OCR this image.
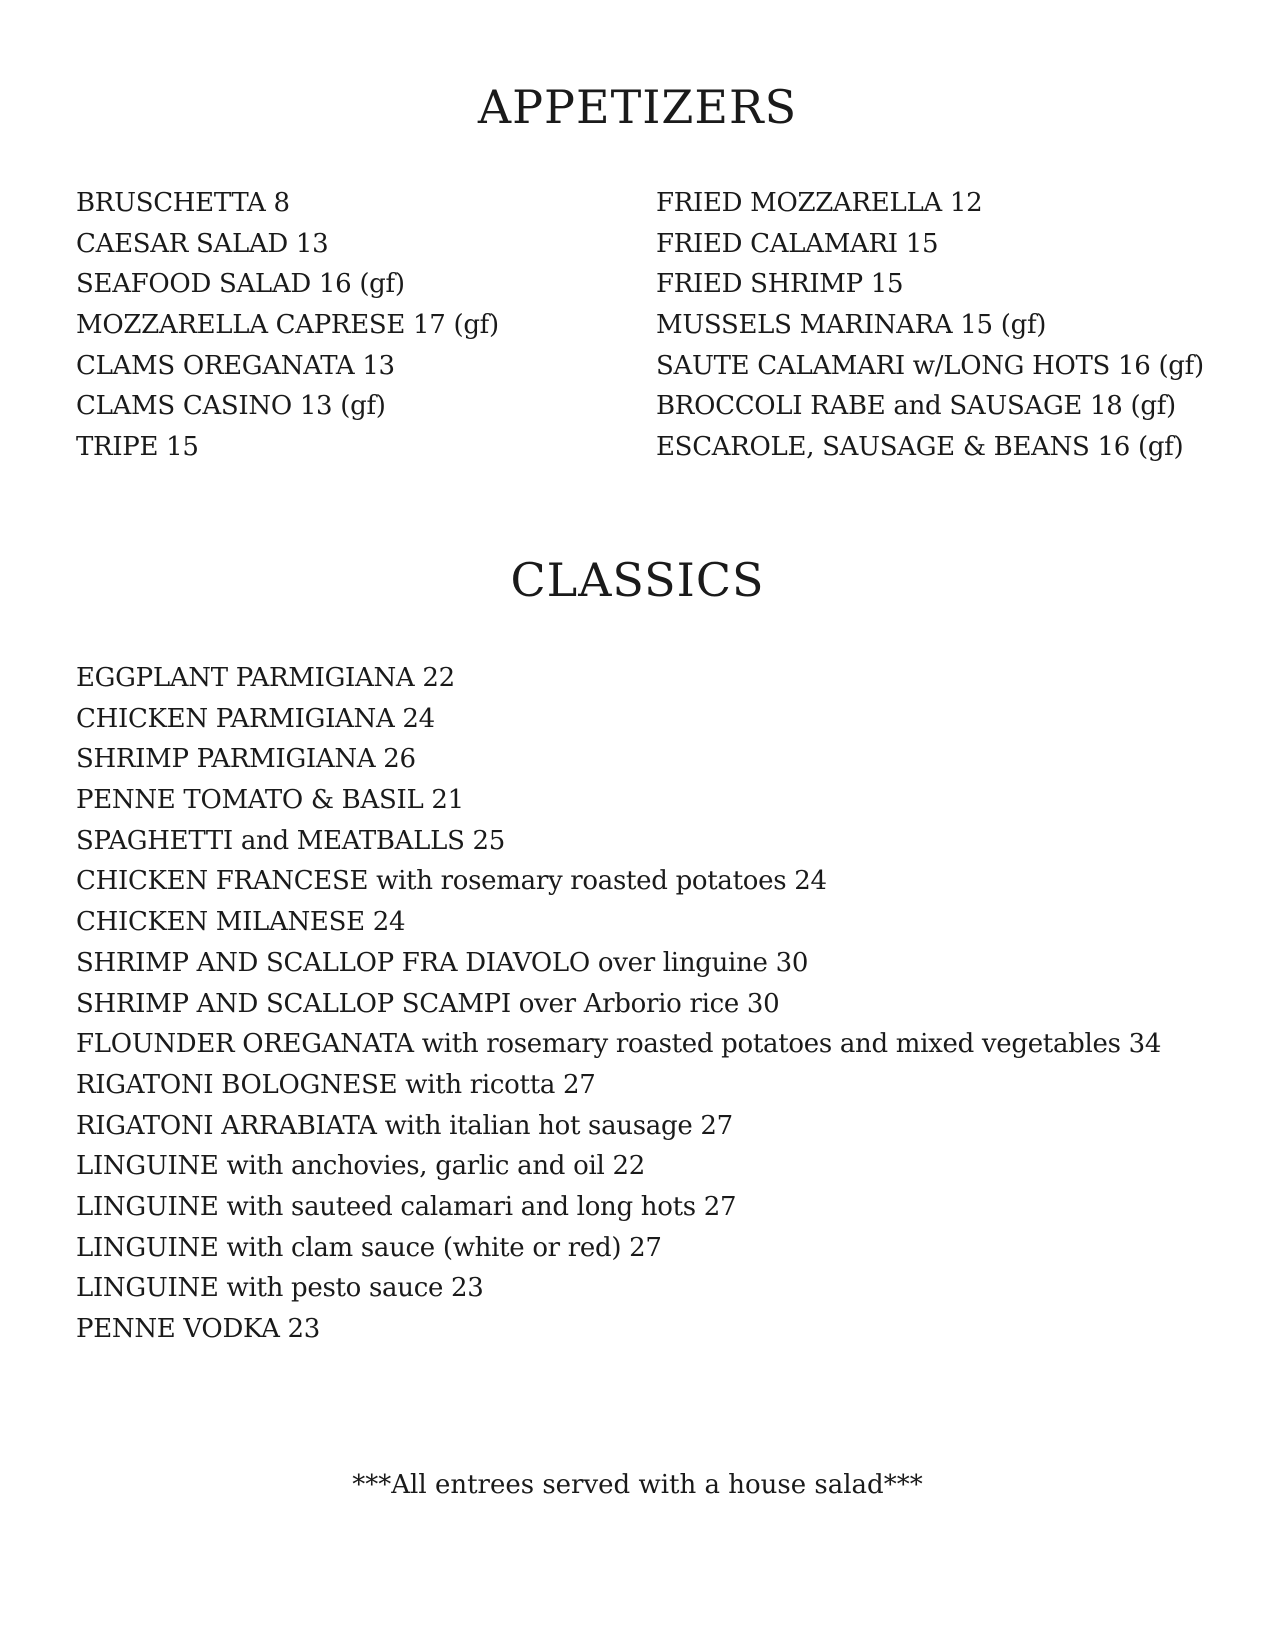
APPETIZERS
BRUSCHETTA 8
CAESAR SALAD 13
SEAFOOD SALAD 16 (gf)
MOZZARELLA CAPRESE 17 (gf)
CLAMS OREGANATA 13
CLAMS CASINO 13 (gf)
TRIPE 15
FRIED MOZZARELLA 12
FRIED CALAMARI 15
FRIED SHRIMP 15
MUSSELS MARINARA 15 (gf)
SAUTE CALAMARI w/LONG HOTS 16 (gf)
BROCCOLI RABE and SAUSAGE 18 (gf)
ESCAROLE, SAUSAGE & BEANS 16 (gf)
CLASSICS
EGGPLANT PARMIGIANA 22
CHICKEN PARMIGIANA 24
SHRIMP PARMIGIANA 26
PENNE TOMATO & BASIL 21
SPAGHETTI and MEATBALLS 25
CHICKEN FRANCESE with rosemary roasted potatoes 24
CHICKEN MILANESE 24
SHRIMP AND SCALLOP FRA DIAVOLO over linguine 30
SHRIMP AND SCALLOP SCAMPI over Arborio rice 30
FLOUNDER OREGANATA with rosemary roasted potatoes and mixed vegetables 34
RIGATONI BOLOGNESE with ricotta 27
RIGATONI ARRABIATA with italian hot sausage 27
LINGUINE with anchovies, garlic and oil 22
LINGUINE with sauteed calamari and long hots 27
LINGUINE with clam sauce (white or red) 27
LINGUINE with pesto sauce 23
PENNE VODKA 23

***All entrees served with a house salad***
